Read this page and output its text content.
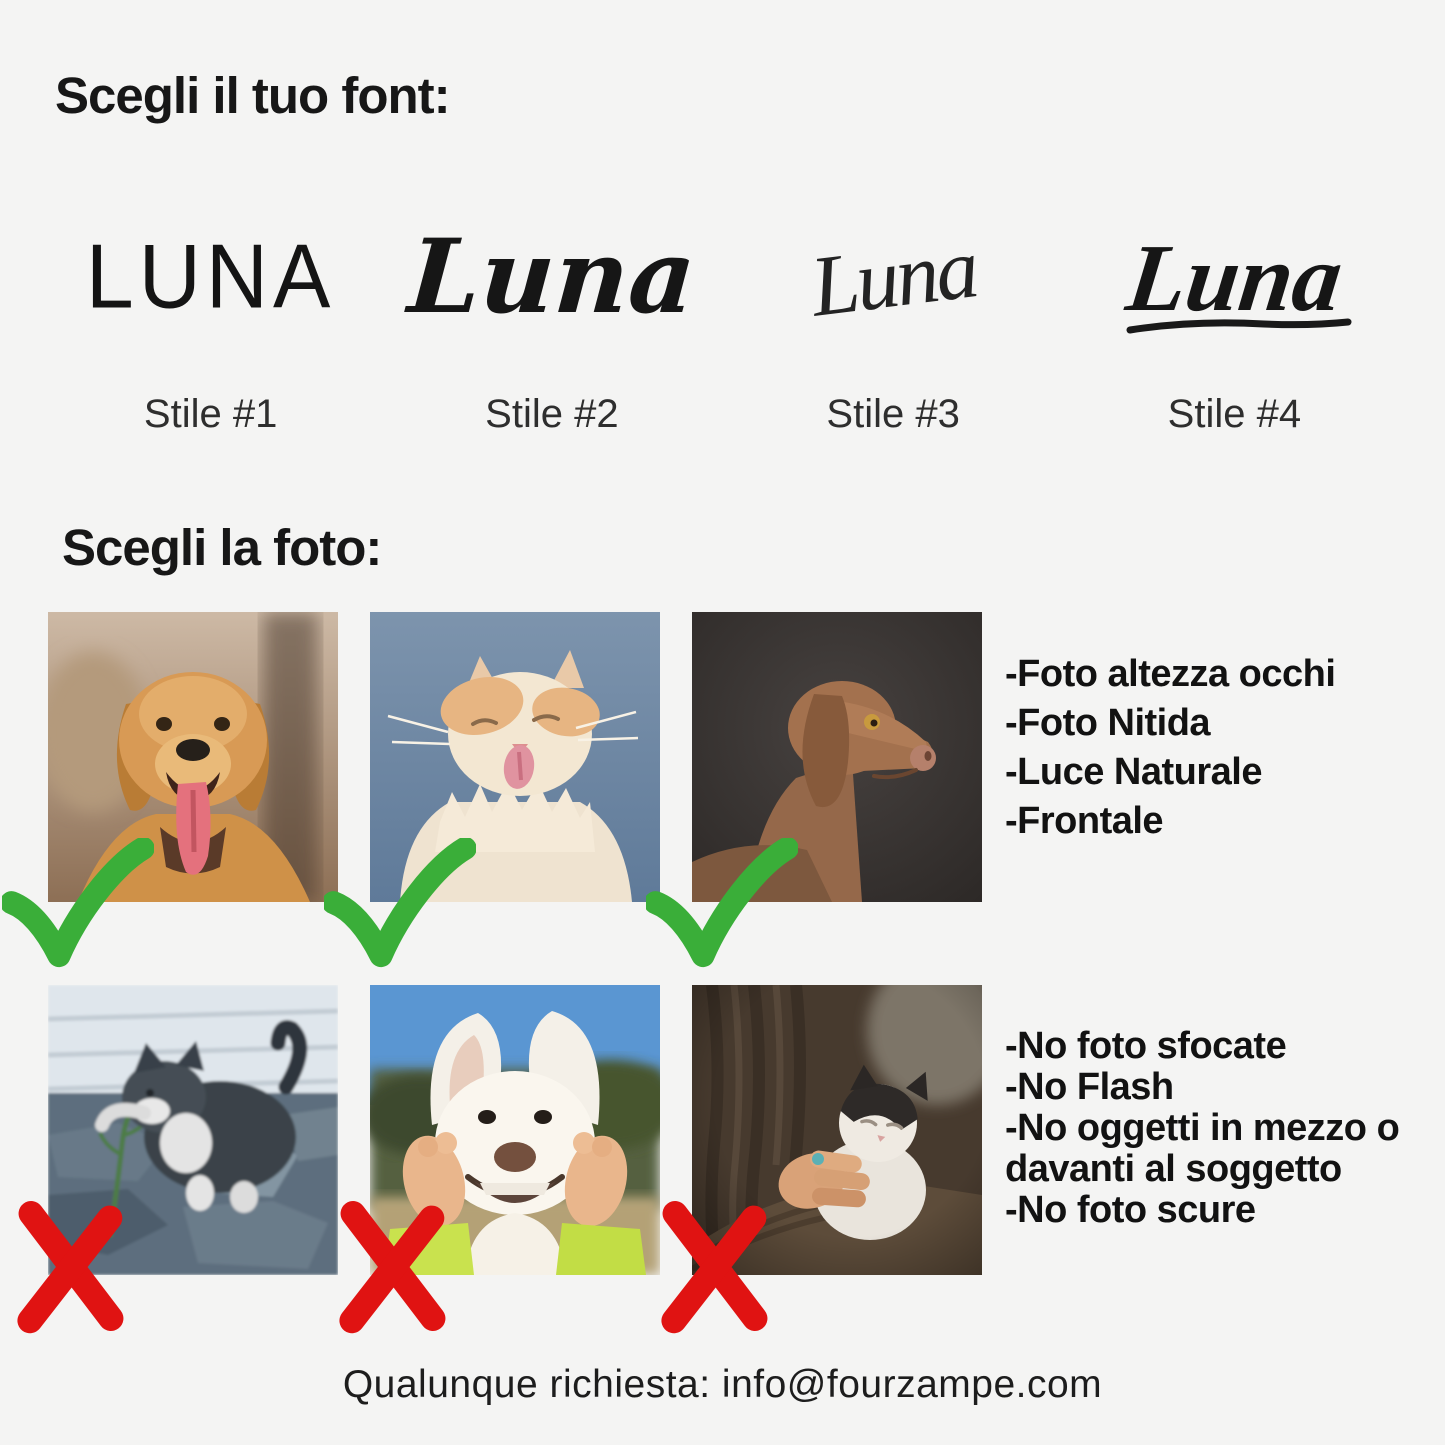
Scegli il tuo font:
LUNA
Stile #1
Luna
Stile #2
Luna
Stile #3
Luna
Stile #4
Scegli la foto:
-Foto altezza occhi
-Foto Nitida
-Luce Naturale
-Frontale
-No foto sfocate
-No Flash
-No oggetti in mezzo o
davanti al soggetto
-No foto scure
Qualunque richiesta: info@fourzampe.com
